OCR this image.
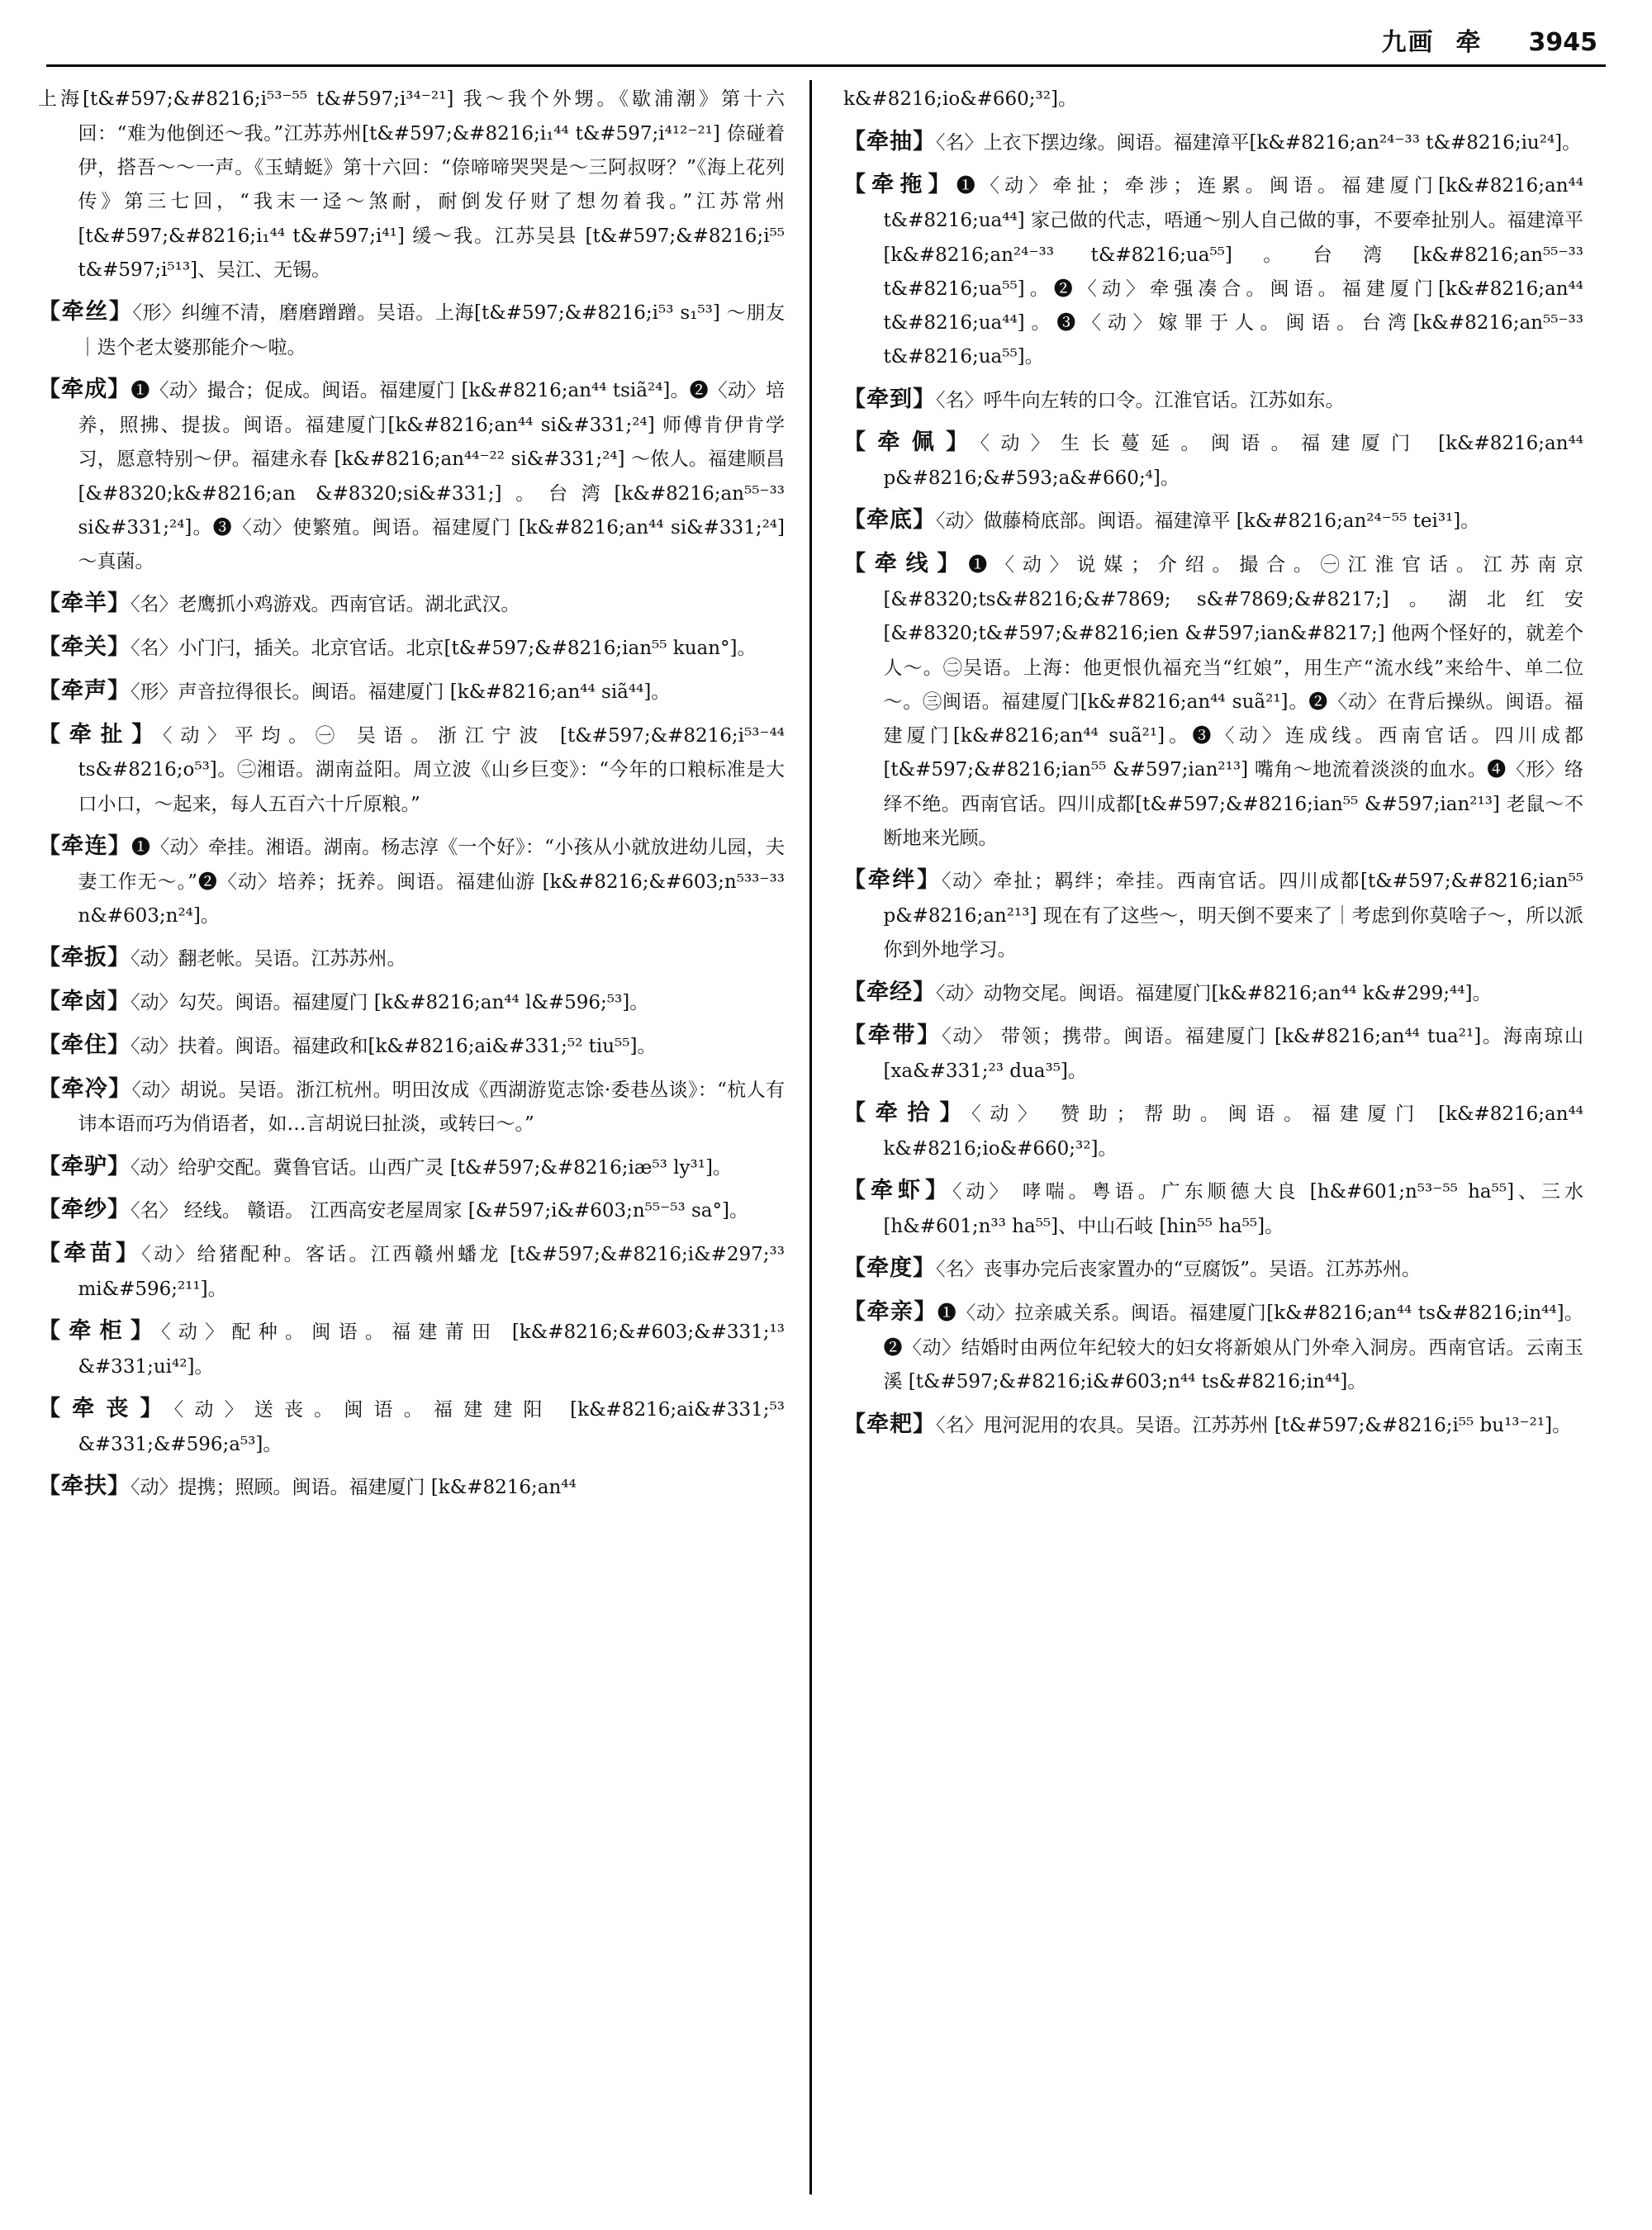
九画 牵 3945
上海[t&#597;&#8216;i⁵³⁻⁵⁵ t&#597;i³⁴⁻²¹] 我～我个外甥。《歇浦潮》第十六回：“难为他倒还～我。”江苏苏州[t&#597;&#8216;i₁⁴⁴ t&#597;i⁴¹²⁻²¹] 倷碰着伊，搭吾～～一声。《玉蜻蜓》第十六回：“倷啼啼哭哭是～三阿叔呀？”《海上花列传》第三七回，“我末一迳～煞耐，耐倒发仔财了想勿着我。”江苏常州[t&#597;&#8216;i₁⁴⁴ t&#597;i⁴¹] 缓～我。江苏吴县 [t&#597;&#8216;i⁵⁵ t&#597;i⁵¹³]、吴江、无锡。
【牵丝】〈形〉纠缠不清，磨磨蹭蹭。吴语。上海[t&#597;&#8216;i⁵³ s₁⁵³] ～朋友｜迭个老太婆那能介～啦。
【牵成】❶〈动〉撮合；促成。闽语。福建厦门 [k&#8216;an⁴⁴ tsiã²⁴]。❷〈动〉培养，照拂、提拔。闽语。福建厦门[k&#8216;an⁴⁴ si&#331;²⁴] 师傅肯伊肯学习，愿意特别～伊。福建永春 [k&#8216;an⁴⁴⁻²² si&#331;²⁴] ～侬人。福建顺昌 [&#8320;k&#8216;an &#8320;si&#331;]。台湾[k&#8216;an⁵⁵⁻³³ si&#331;²⁴]。❸〈动〉使繁殖。闽语。福建厦门 [k&#8216;an⁴⁴ si&#331;²⁴] ～真菌。
【牵羊】〈名〉老鹰抓小鸡游戏。西南官话。湖北武汉。
【牵关】〈名〉小门闩，插关。北京官话。北京[t&#597;&#8216;ian⁵⁵ kuan°]。
【牵声】〈形〉声音拉得很长。闽语。福建厦门 [k&#8216;an⁴⁴ siã⁴⁴]。
【牵扯】〈动〉平均。㊀ 吴语。浙江宁波 [t&#597;&#8216;i⁵³⁻⁴⁴ ts&#8216;o⁵³]。㊁湘语。湖南益阳。周立波《山乡巨变》：“今年的口粮标准是大口小口，～起来，每人五百六十斤原粮。”
【牵连】❶〈动〉牵挂。湘语。湖南。杨志淳《一个好》：“小孩从小就放进幼儿园，夫妻工作无～。”❷〈动〉培养；抚养。闽语。福建仙游 [k&#8216;&#603;n⁵³³⁻³³ n&#603;n²⁴]。
【牵扳】〈动〉翻老帐。吴语。江苏苏州。
【牵卤】〈动〉勾芡。闽语。福建厦门 [k&#8216;an⁴⁴ l&#596;⁵³]。
【牵住】〈动〉扶着。闽语。福建政和[k&#8216;ai&#331;⁵² tiu⁵⁵]。
【牵冷】〈动〉胡说。吴语。浙江杭州。明田汝成《西湖游览志馀·委巷丛谈》：“杭人有讳本语而巧为俏语者，如…言胡说曰扯淡，或转曰～。”
【牵驴】〈动〉给驴交配。冀鲁官话。山西广灵 [t&#597;&#8216;iæ⁵³ ly³¹]。
【牵纱】〈名〉 经线。 赣语。 江西高安老屋周家 [&#597;i&#603;n⁵⁵⁻⁵³ sa°]。
【牵苗】〈动〉给猪配种。客话。江西赣州蟠龙 [t&#597;&#8216;i&#297;³³ mi&#596;²¹¹]。
【牵柜】〈动〉配种。闽语。福建莆田 [k&#8216;&#603;&#331;¹³ &#331;ui⁴²]。
【牵丧】〈动〉送丧。闽语。福建建阳 [k&#8216;ai&#331;⁵³ &#331;&#596;a⁵³]。
【牵扶】〈动〉提携；照顾。闽语。福建厦门 [k&#8216;an⁴⁴
k&#8216;io&#660;³²]。
【牵抽】〈名〉上衣下摆边缘。闽语。福建漳平[k&#8216;an²⁴⁻³³ t&#8216;iu²⁴]。
【牵拖】❶〈动〉牵扯；牵涉；连累。闽语。福建厦门[k&#8216;an⁴⁴ t&#8216;ua⁴⁴] 家己做的代志，唔通～别人自己做的事，不要牵扯别人。福建漳平[k&#8216;an²⁴⁻³³ t&#8216;ua⁵⁵]。台湾[k&#8216;an⁵⁵⁻³³ t&#8216;ua⁵⁵]。❷〈动〉牵强凑合。闽语。福建厦门[k&#8216;an⁴⁴ t&#8216;ua⁴⁴]。❸〈动〉嫁罪于人。闽语。台湾[k&#8216;an⁵⁵⁻³³ t&#8216;ua⁵⁵]。
【牵到】〈名〉呼牛向左转的口令。江淮官话。江苏如东。
【牵佩】〈动〉生长蔓延。闽语。福建厦门 [k&#8216;an⁴⁴ p&#8216;&#593;a&#660;⁴]。
【牵底】〈动〉做藤椅底部。闽语。福建漳平 [k&#8216;an²⁴⁻⁵⁵ tei³¹]。
【牵线】❶〈动〉说媒；介绍。撮合。㊀江淮官话。江苏南京[&#8320;ts&#8216;&#7869; s&#7869;&#8217;]。湖北红安[&#8320;t&#597;&#8216;ien &#597;ian&#8217;] 他两个怪好的，就差个人～。㊁吴语。上海：他更恨仇福充当“红娘”，用生产“流水线”来给牛、单二位～。㊂闽语。福建厦门[k&#8216;an⁴⁴ suã²¹]。❷〈动〉在背后操纵。闽语。福建厦门[k&#8216;an⁴⁴ suã²¹]。❸〈动〉连成线。西南官话。四川成都[t&#597;&#8216;ian⁵⁵ &#597;ian²¹³] 嘴角～地流着淡淡的血水。❹〈形〉络绎不绝。西南官话。四川成都[t&#597;&#8216;ian⁵⁵ &#597;ian²¹³] 老鼠～不断地来光顾。
【牵绊】〈动〉牵扯；羁绊；牵挂。西南官话。四川成都[t&#597;&#8216;ian⁵⁵ p&#8216;an²¹³] 现在有了这些～，明天倒不要来了｜考虑到你莫啥子～，所以派你到外地学习。
【牵经】〈动〉动物交尾。闽语。福建厦门[k&#8216;an⁴⁴ k&#299;⁴⁴]。
【牵带】〈动〉 带领；携带。闽语。福建厦门 [k&#8216;an⁴⁴ tua²¹]。海南琼山 [xa&#331;²³ dua³⁵]。
【牵拾】〈动〉 赞助；帮助。闽语。福建厦门 [k&#8216;an⁴⁴ k&#8216;io&#660;³²]。
【牵虾】〈动〉 哮喘。粤语。广东顺德大良 [h&#601;n⁵³⁻⁵⁵ ha⁵⁵]、三水[h&#601;n³³ ha⁵⁵]、中山石岐 [hin⁵⁵ ha⁵⁵]。
【牵度】〈名〉丧事办完后丧家置办的“豆腐饭”。吴语。江苏苏州。
【牵亲】❶〈动〉拉亲戚关系。闽语。福建厦门[k&#8216;an⁴⁴ ts&#8216;in⁴⁴]。❷〈动〉结婚时由两位年纪较大的妇女将新娘从门外牵入洞房。西南官话。云南玉溪 [t&#597;&#8216;i&#603;n⁴⁴ ts&#8216;in⁴⁴]。
【牵耙】〈名〉甩河泥用的农具。吴语。江苏苏州 [t&#597;&#8216;i⁵⁵ bu¹³⁻²¹]。
